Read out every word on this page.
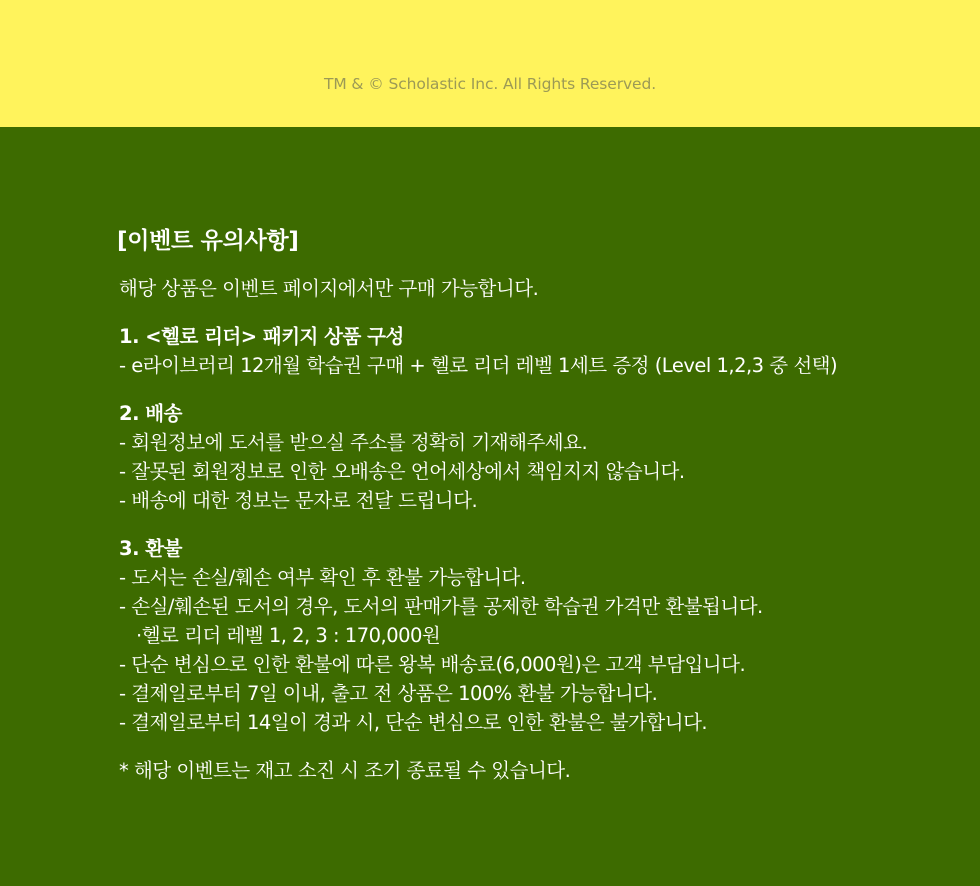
TM & © Scholastic Inc. All Rights Reserved.
[이벤트 유의사항]
해당 상품은 이벤트 페이지에서만 구매 가능합니다.
1. <헬로 리더> 패키지 상품 구성
- e라이브러리 12개월 학습권 구매 + 헬로 리더 레벨 1세트 증정 (Level 1,2,3 중 선택)
2. 배송
- 회원정보에 도서를 받으실 주소를 정확히 기재해주세요.
- 잘못된 회원정보로 인한 오배송은 언어세상에서 책임지지 않습니다.
- 배송에 대한 정보는 문자로 전달 드립니다.
3. 환불
- 도서는 손실/훼손 여부 확인 후 환불 가능합니다.
- 손실/훼손된 도서의 경우, 도서의 판매가를 공제한 학습권 가격만 환불됩니다.
·헬로 리더 레벨 1, 2, 3 : 170,000원
- 단순 변심으로 인한 환불에 따른 왕복 배송료(6,000원)은 고객 부담입니다.
- 결제일로부터 7일 이내, 출고 전 상품은 100% 환불 가능합니다.
- 결제일로부터 14일이 경과 시, 단순 변심으로 인한 환불은 불가합니다.
* 해당 이벤트는 재고 소진 시 조기 종료될 수 있습니다.
